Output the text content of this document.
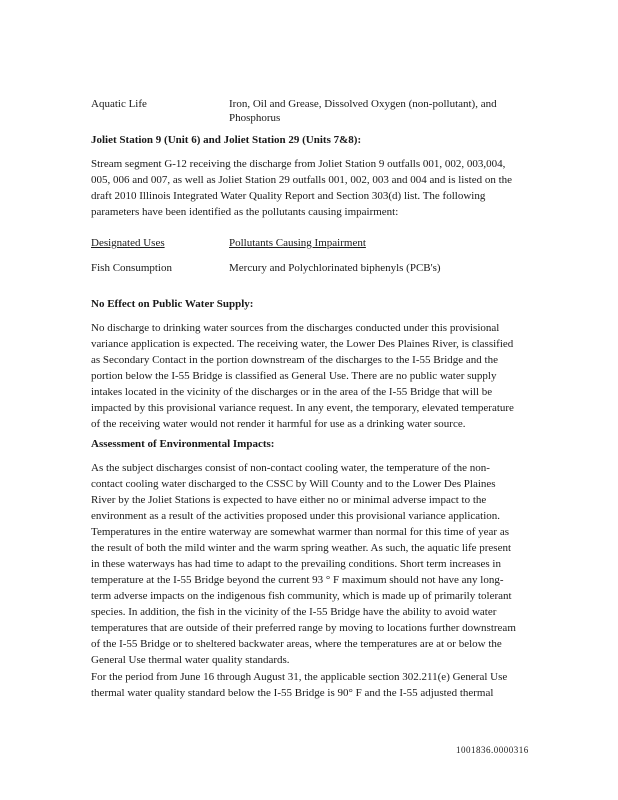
Aquatic Life	Iron, Oil and Grease, Dissolved Oxygen (non-pollutant), and
Phosphorus
Joliet Station 9 (Unit 6) and Joliet Station 29 (Units 7&8):

Stream segment G-12 receiving the discharge from Joliet Station 9 outfalls 001, 002, 003,004,

005, 006 and 007, as well as Joliet Station 29 outfalls 001, 002, 003 and 004 and is listed on the

draft 2010 Illinois Integrated Water Quality Report and Section 303(d) list. The following

parameters have been identified as the pollutants causing impairment:

Designated Uses	Pollutants Causing Impairment
Fish Consumption	Mercury and Polychlorinated biphenyls (PCB's)
No Effect on Public Water Supply:

No discharge to drinking water sources from the discharges conducted under this provisional

variance application is expected. The receiving water, the Lower Des Plaines River, is classified

as Secondary Contact in the portion downstream of the discharges to the I-55 Bridge and the

portion below the I-55 Bridge is classified as General Use. There are no public water supply

intakes located in the vicinity of the discharges or in the area of the I-55 Bridge that will be

impacted by this provisional variance request. In any event, the temporary, elevated temperature

of the receiving water would not render it harmful for use as a drinking water source.

Assessment of Environmental Impacts:

As the subject discharges consist of non-contact cooling water, the temperature of the non-

contact cooling water discharged to the CSSC by Will County and to the Lower Des Plaines

River by the Joliet Stations is expected to have either no or minimal adverse impact to the

environment as a result of the activities proposed under this provisional variance application.

Temperatures in the entire waterway are somewhat warmer than normal for this time of year as

the result of both the mild winter and the warm spring weather. As such, the aquatic life present

in these waterways has had time to adapt to the prevailing conditions. Short term increases in

temperature at the I-55 Bridge beyond the current 93 ° F maximum should not have any long-

term adverse impacts on the indigenous fish community, which is made up of primarily tolerant

species. In addition, the fish in the vicinity of the I-55 Bridge have the ability to avoid water

temperatures that are outside of their preferred range by moving to locations further downstream

of the I-55 Bridge or to sheltered backwater areas, where the temperatures are at or below the

General Use thermal water quality standards.

For the period from June 16 through August 31, the applicable section 302.211(e) General Use

thermal water quality standard below the I-55 Bridge is 90° F and the I-55 adjusted thermal

1001836.0000316
